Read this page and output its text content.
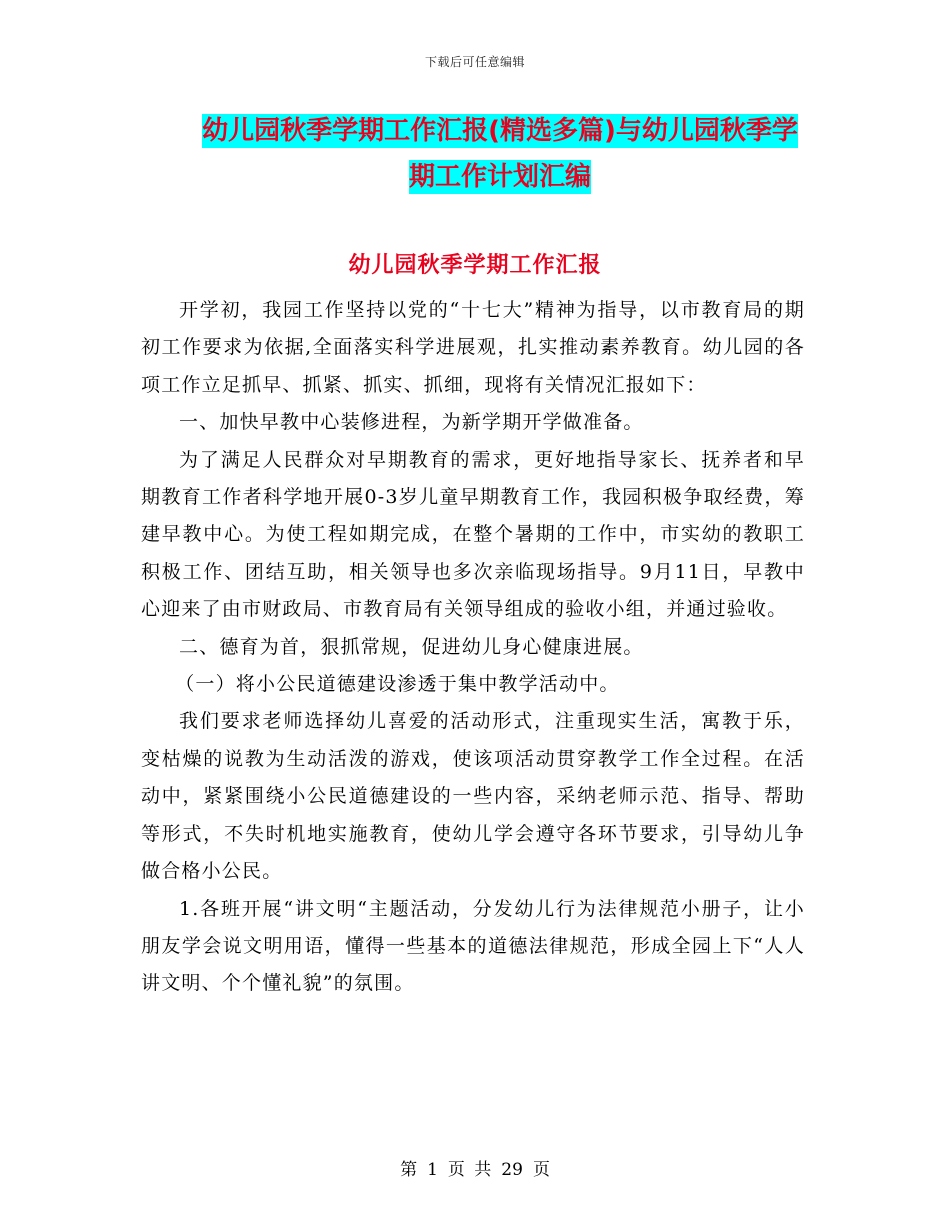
下载后可任意编辑
幼儿园秋季学期工作汇报(精选多篇)与幼儿园秋季学
期工作计划汇编
幼儿园秋季学期工作汇报

开学初，我园工作坚持以党的“十七大”精神为指导，以市教育局的期初工作要求为依据,全面落实科学进展观，扎实推动素养教育。幼儿园的各项工作立足抓早、抓紧、抓实、抓细，现将有关情况汇报如下：

一、加快早教中心装修进程，为新学期开学做准备。

为了满足人民群众对早期教育的需求，更好地指导家长、抚养者和早期教育工作者科学地开展0-3岁儿童早期教育工作，我园积极争取经费，筹建早教中心。为使工程如期完成，在整个暑期的工作中，市实幼的教职工积极工作、团结互助，相关领导也多次亲临现场指导。9月11日，早教中心迎来了由市财政局、市教育局有关领导组成的验收小组，并通过验收。

二、德育为首，狠抓常规，促进幼儿身心健康进展。

（一）将小公民道德建设渗透于集中教学活动中。

我们要求老师选择幼儿喜爱的活动形式，注重现实生活，寓教于乐，变枯燥的说教为生动活泼的游戏，使该项活动贯穿教学工作全过程。在活动中，紧紧围绕小公民道德建设的一些内容，采纳老师示范、指导、帮助等形式，不失时机地实施教育，使幼儿学会遵守各环节要求，引导幼儿争做合格小公民。

1.各班开展“讲文明“主题活动，分发幼儿行为法律规范小册子，让小朋友学会说文明用语，懂得一些基本的道德法律规范，形成全园上下“人人讲文明、个个懂礼貌”的氛围。

第 1 页 共 29 页
